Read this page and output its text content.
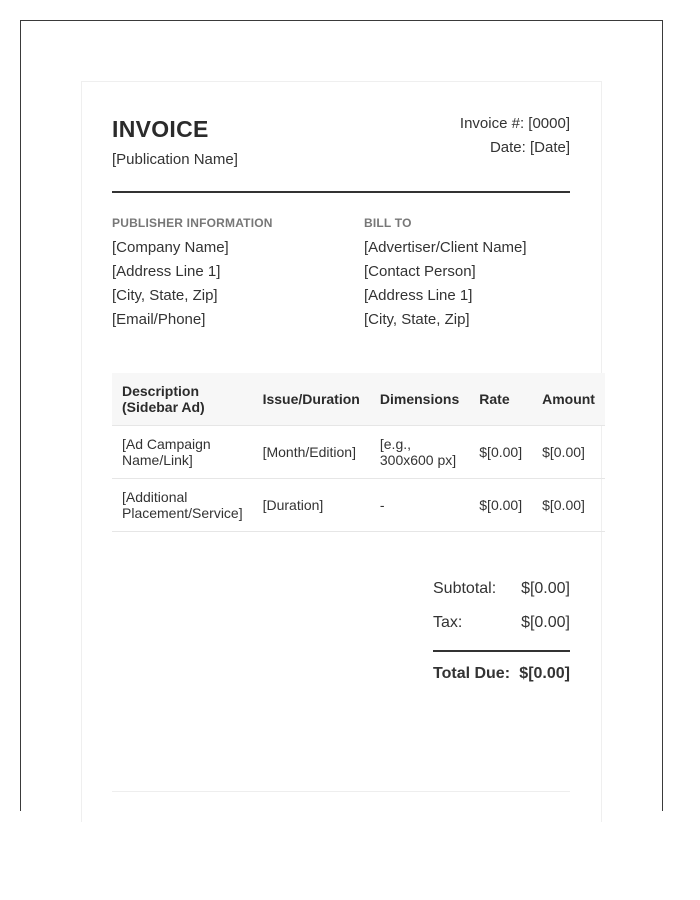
INVOICE
[Publication Name]
Invoice #: [0000]
Date: [Date]
PUBLISHER INFORMATION
[Company Name]
[Address Line 1]
[City, State, Zip]
[Email/Phone]
BILL TO
[Advertiser/Client Name]
[Contact Person]
[Address Line 1]
[City, State, Zip]
Description (Sidebar Ad)	Issue/Duration	Dimensions	Rate	Amount
[Ad Campaign Name/Link]	[Month/Edition]	[e.g., 300x600 px]	$[0.00]	$[0.00]
[Additional Placement/Service]	[Duration]	-	$[0.00]	$[0.00]
Subtotal: $[0.00]
Tax:	$[0.00]
Total Due: $[0.00]
